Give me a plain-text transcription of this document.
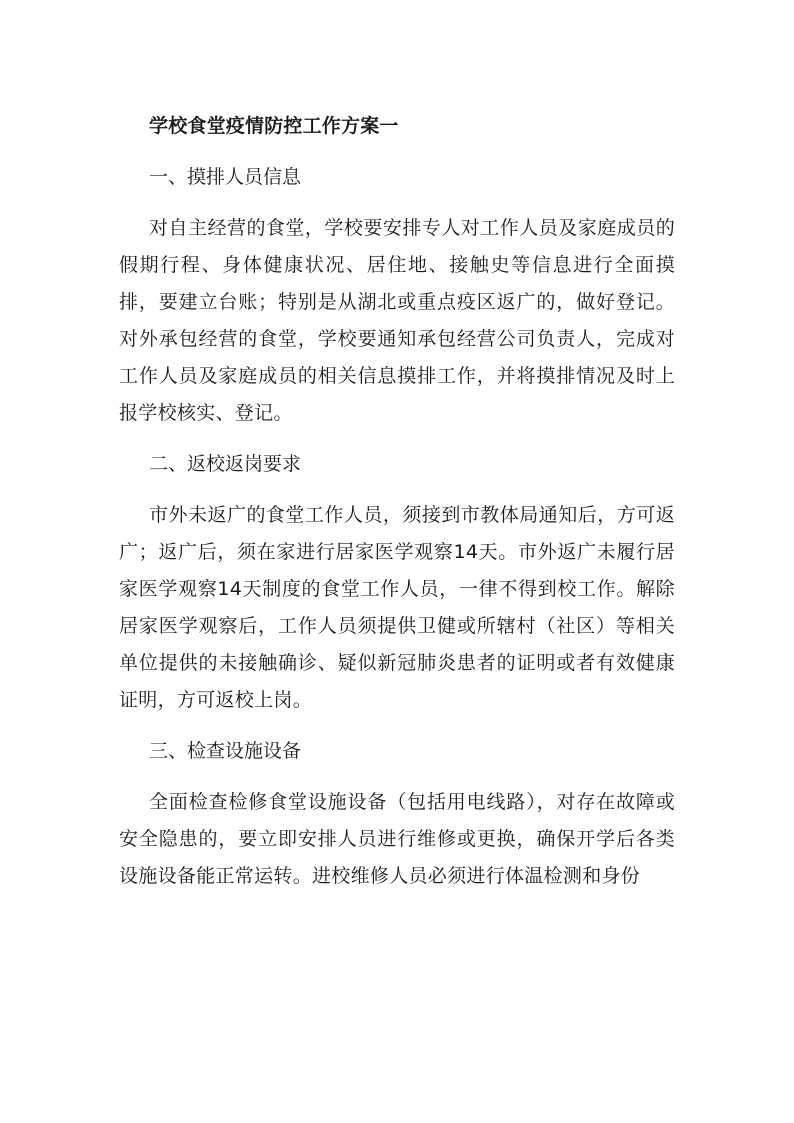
学校食堂疫情防控工作方案一
一、摸排人员信息

对自主经营的食堂，学校要安排专人对工作人员及家庭成员的假期行程、身体健康状况、居住地、接触史等信息进行全面摸排，要建立台账；特别是从湖北或重点疫区返广的，做好登记。对外承包经营的食堂，学校要通知承包经营公司负责人，完成对工作人员及家庭成员的相关信息摸排工作，并将摸排情况及时上报学校核实、登记。

二、返校返岗要求

市外未返广的食堂工作人员，须接到市教体局通知后，方可返广；返广后，须在家进行居家医学观察14天。市外返广未履行居家医学观察14天制度的食堂工作人员，一律不得到校工作。解除居家医学观察后，工作人员须提供卫健或所辖村（社区）等相关单位提供的未接触确诊、疑似新冠肺炎患者的证明或者有效健康证明，方可返校上岗。

三、检查设施设备

全面检查检修食堂设施设备（包括用电线路），对存在故障或安全隐患的，要立即安排人员进行维修或更换，确保开学后各类设施设备能正常运转。进校维修人员必须进行体温检测和身份
